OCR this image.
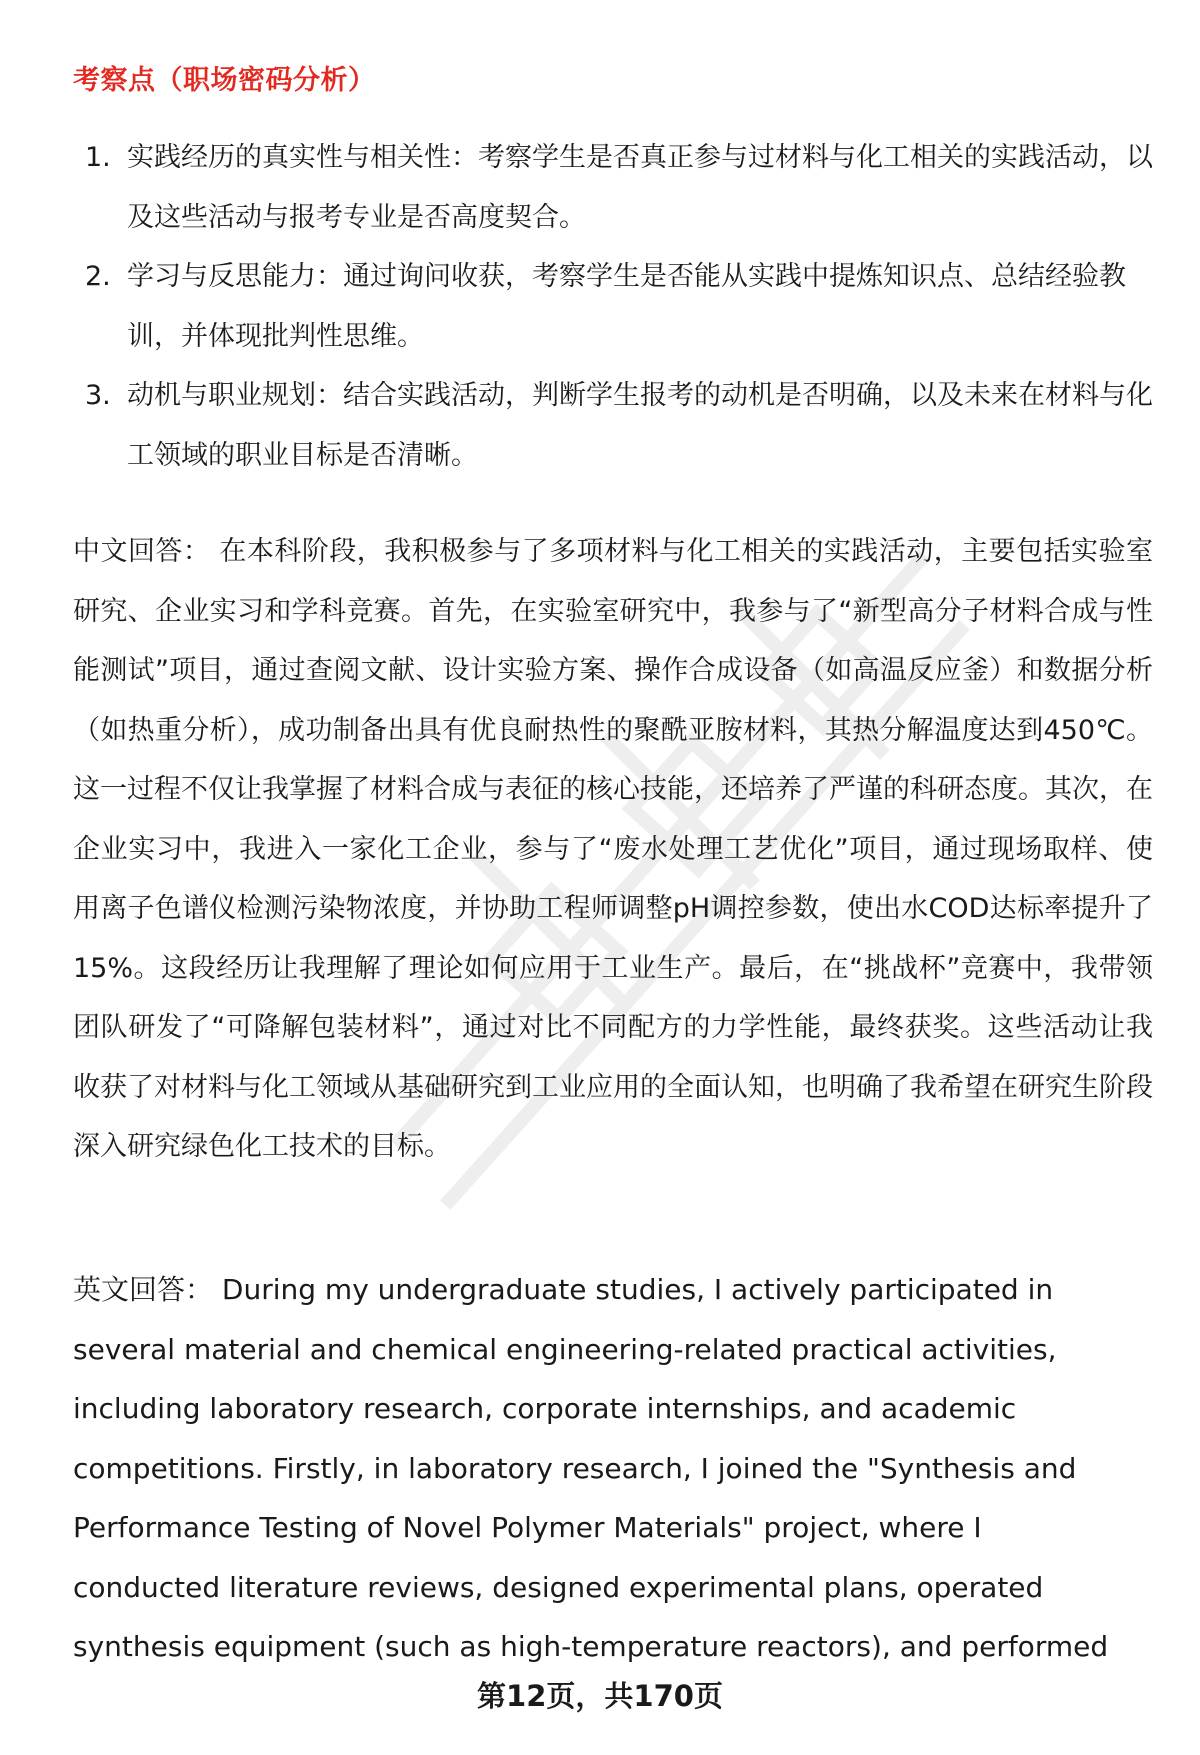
考察点（职场密码分析）
1. 实践经历的真实性与相关性：考察学生是否真正参与过材料与化工相关的实践活动，以及这些活动与报考专业是否高度契合。
2. 学习与反思能力：通过询问收获，考察学生是否能从实践中提炼知识点、总结经验教训，并体现批判性思维。
3. 动机与职业规划：结合实践活动，判断学生报考的动机是否明确，以及未来在材料与化工领域的职业目标是否清晰。

中文回答： 在本科阶段，我积极参与了多项材料与化工相关的实践活动，主要包括实验室研究、企业实习和学科竞赛。首先，在实验室研究中，我参与了“新型高分子材料合成与性能测试”项目，通过查阅文献、设计实验方案、操作合成设备（如高温反应釜）和数据分析（如热重分析），成功制备出具有优良耐热性的聚酰亚胺材料，其热分解温度达到450℃。这一过程不仅让我掌握了材料合成与表征的核心技能，还培养了严谨的科研态度。其次，在企业实习中，我进入一家化工企业，参与了“废水处理工艺优化”项目，通过现场取样、使用离子色谱仪检测污染物浓度，并协助工程师调整pH调控参数，使出水COD达标率提升了15%。这段经历让我理解了理论如何应用于工业生产。最后，在“挑战杯”竞赛中，我带领团队研发了“可降解包装材料”，通过对比不同配方的力学性能，最终获奖。这些活动让我收获了对材料与化工领域从基础研究到工业应用的全面认知，也明确了我希望在研究生阶段深入研究绿色化工技术的目标。

英文回答： During my undergraduate studies, I actively participated in several material and chemical engineering-related practical activities, including laboratory research, corporate internships, and academic competitions. Firstly, in laboratory research, I joined the "Synthesis and Performance Testing of Novel Polymer Materials" project, where I conducted literature reviews, designed experimental plans, operated synthesis equipment (such as high-temperature reactors), and performed

第12页，共170页
